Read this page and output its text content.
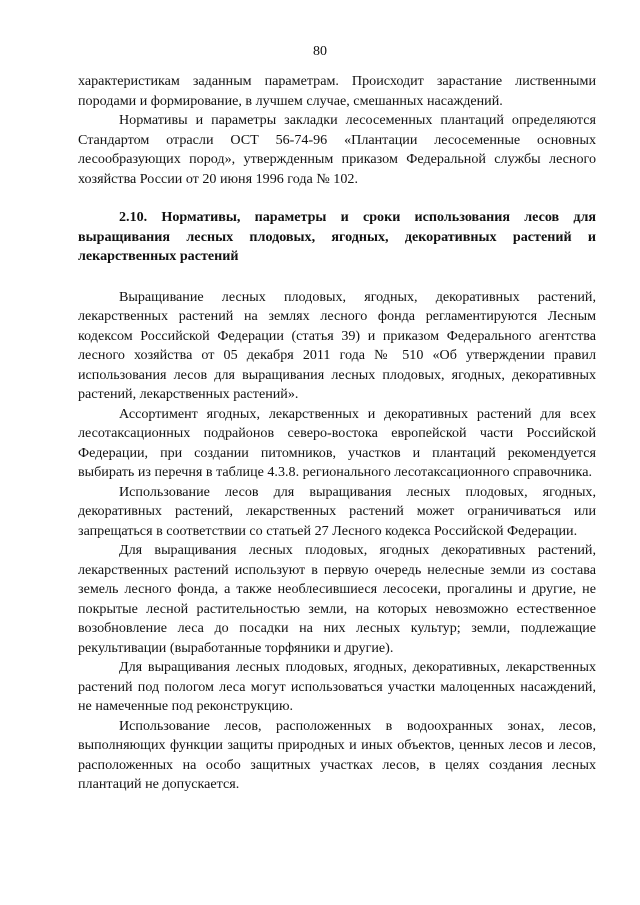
80

характеристикам заданным параметрам. Происходит зарастание лиственными породами и формирование, в лучшем случае, смешанных насаждений.

Нормативы и параметры закладки лесосеменных плантаций определяются Стандартом отрасли ОСТ 56-74-96 «Плантации лесосеменные основных лесообразующих пород», утвержденным приказом Федеральной службы лесного хозяйства России от 20 июня 1996 года № 102.

2.10. Нормативы, параметры и сроки использования лесов для выращивания лесных плодовых, ягодных, декоративных растений и лекарственных растений

Выращивание лесных плодовых, ягодных, декоративных растений, лекарственных растений на землях лесного фонда регламентируются Лесным кодексом Российской Федерации (статья 39) и приказом Федерального агентства лесного хозяйства от 05 декабря 2011 года № 510 «Об утверждении правил использования лесов для выращивания лесных плодовых, ягодных, декоративных растений, лекарственных растений».

Ассортимент ягодных, лекарственных и декоративных растений для всех лесотаксационных подрайонов северо-востока европейской части Российской Федерации, при создании питомников, участков и плантаций рекомендуется выбирать из перечня в таблице 4.3.8. регионального лесотаксационного справочника.

Использование лесов для выращивания лесных плодовых, ягодных, декоративных растений, лекарственных растений может ограничиваться или запрещаться в соответствии со статьей 27 Лесного кодекса Российской Федерации.

Для выращивания лесных плодовых, ягодных декоративных растений, лекарственных растений используют в первую очередь нелесные земли из состава земель лесного фонда, а также необлесившиеся лесосеки, прогалины и другие, не покрытые лесной растительностью земли, на которых невозможно естественное возобновление леса до посадки на них лесных культур; земли, подлежащие рекультивации (выработанные торфяники и другие).

Для выращивания лесных плодовых, ягодных, декоративных, лекарственных растений под пологом леса могут использоваться участки малоценных насаждений, не намеченные под реконструкцию.

Использование лесов, расположенных в водоохранных зонах, лесов, выполняющих функции защиты природных и иных объектов, ценных лесов и лесов, расположенных на особо защитных участках лесов, в целях создания лесных плантаций не допускается.
